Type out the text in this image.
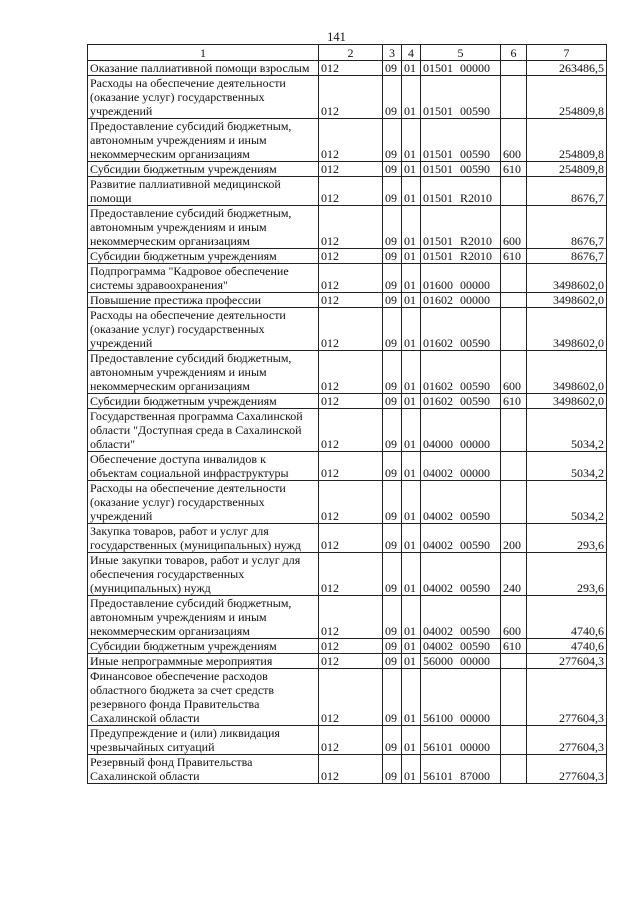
141
1	2	3	4	5	6	7
Оказание паллиативной помощи взрослым	012	09	01	01501 00000		263486,5
Расходы на обеспечение деятельности (оказание услуг) государственных учреждений	012	09	01	01501 00590		254809,8
Предоставление субсидий бюджетным, автономным учреждениям и иным некоммерческим организациям	012	09	01	01501 00590	600	254809,8
Субсидии бюджетным учреждениям	012	09	01	01501 00590	610	254809,8
Развитие паллиативной медицинской помощи	012	09	01	01501 R2010		8676,7
Предоставление субсидий бюджетным, автономным учреждениям и иным некоммерческим организациям	012	09	01	01501 R2010	600	8676,7
Субсидии бюджетным учреждениям	012	09	01	01501 R2010	610	8676,7
Подпрограмма "Кадровое обеспечение системы здравоохранения"	012	09	01	01600 00000		3498602,0
Повышение престижа профессии	012	09	01	01602 00000		3498602,0
Расходы на обеспечение деятельности (оказание услуг) государственных учреждений	012	09	01	01602 00590		3498602,0
Предоставление субсидий бюджетным, автономным учреждениям и иным некоммерческим организациям	012	09	01	01602 00590	600	3498602,0
Субсидии бюджетным учреждениям	012	09	01	01602 00590	610	3498602,0
Государственная программа Сахалинской области "Доступная среда в Сахалинской области"	012	09	01	04000 00000		5034,2
Обеспечение доступа инвалидов к объектам социальной инфраструктуры	012	09	01	04002 00000		5034,2
Расходы на обеспечение деятельности (оказание услуг) государственных учреждений	012	09	01	04002 00590		5034,2
Закупка товаров, работ и услуг для государственных (муниципальных) нужд	012	09	01	04002 00590	200	293,6
Иные закупки товаров, работ и услуг для обеспечения государственных (муниципальных) нужд	012	09	01	04002 00590	240	293,6
Предоставление субсидий бюджетным, автономным учреждениям и иным некоммерческим организациям	012	09	01	04002 00590	600	4740,6
Субсидии бюджетным учреждениям	012	09	01	04002 00590	610	4740,6
Иные непрограммные мероприятия	012	09	01	56000 00000		277604,3
Финансовое обеспечение расходов областного бюджета за счет средств резервного фонда Правительства Сахалинской области	012	09	01	56100 00000		277604,3
Предупреждение и (или) ликвидация чрезвычайных ситуаций	012	09	01	56101 00000		277604,3
Резервный фонд Правительства Сахалинской области	012	09	01	56101 87000		277604,3
